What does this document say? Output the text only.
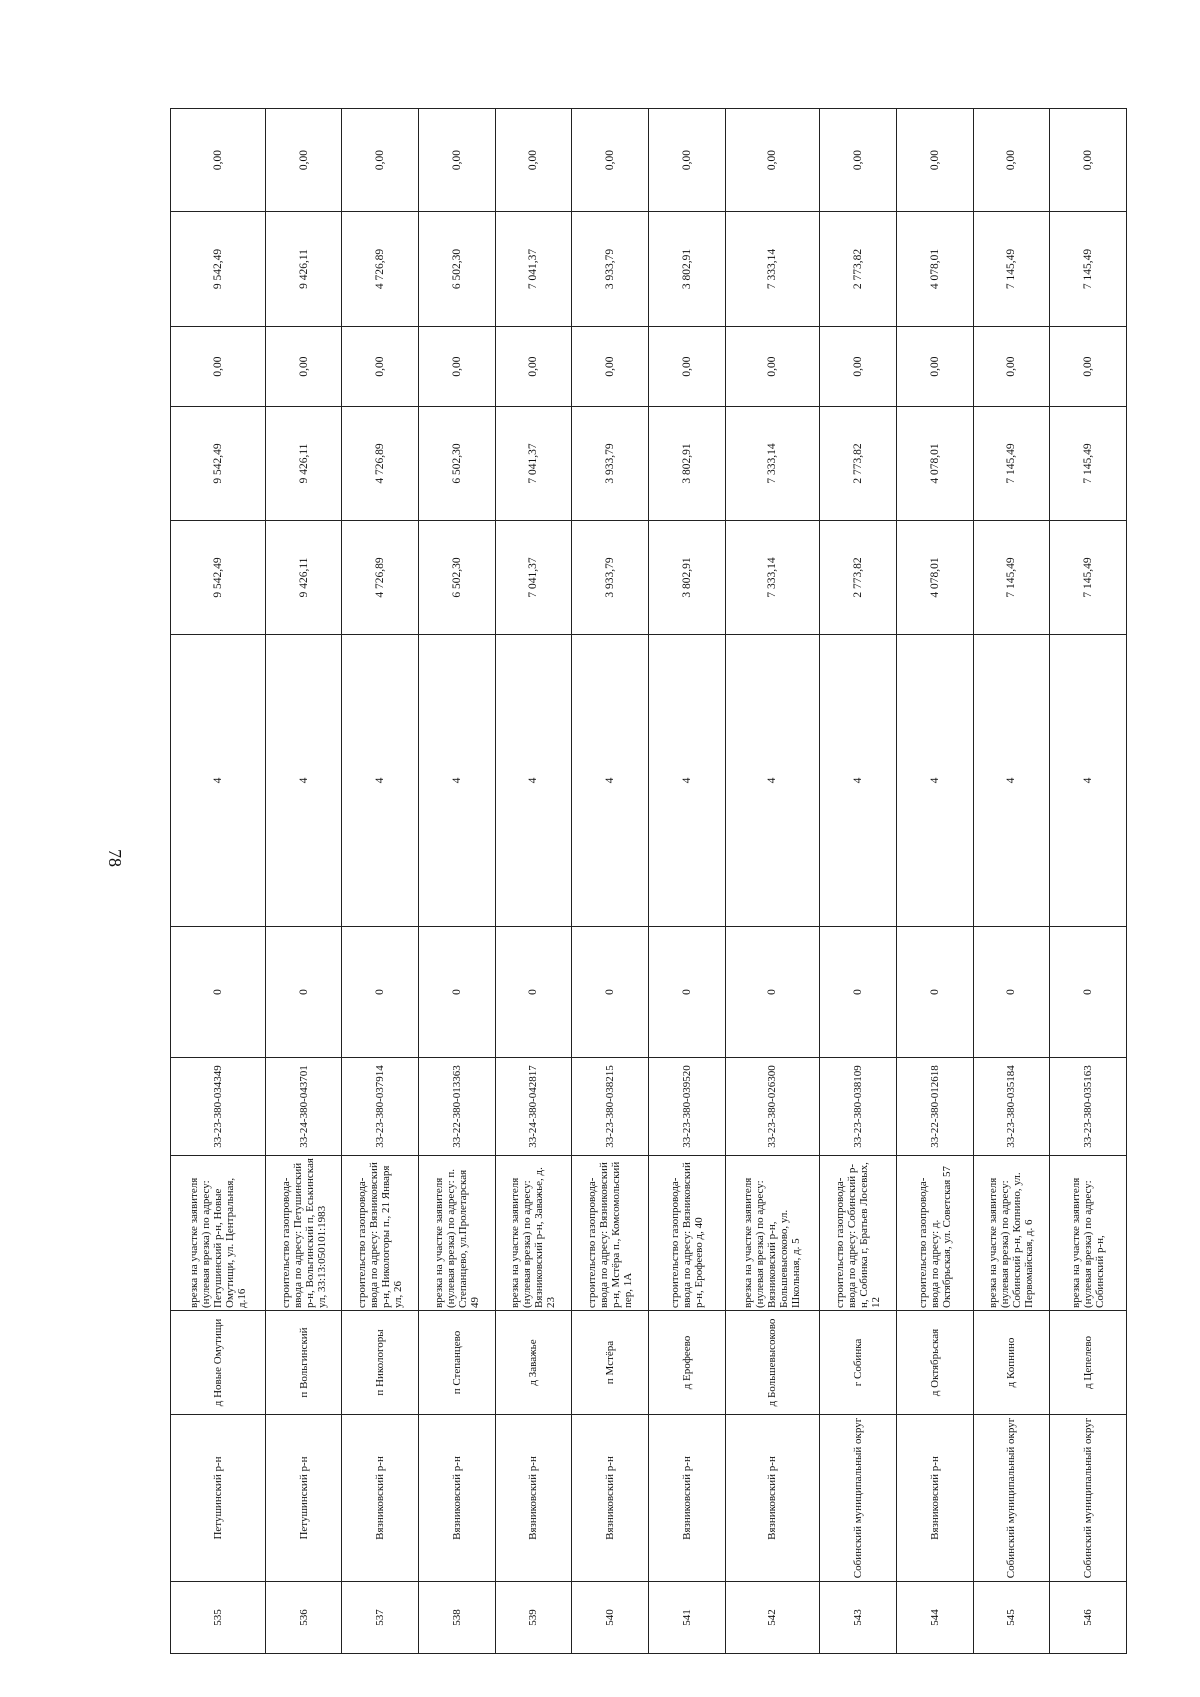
78
535	Петушинский р-н	д Новые Омутищи	врезка на участке заявителя (нулевая врезка) по адресу: Петушинский р-н, Новые Омутищи, ул. Центральная, д.16	33-23-380-034349	0	4	9 542,49	9 542,49	0,00	9 542,49	0,00	
536	Петушинский р-н	п Вольгинский	строительство газопровода-ввода по адресу: Петушинский р-н, Вольгинский п, Еськинская ул, 33:13:050101:1983	33-24-380-043701	0	4	9 426,11	9 426,11	0,00	9 426,11	0,00	
537	Вязниковский р-н	п Никологоры	строительство газопровода-ввода по адресу: Вязниковский р-н, Никологоры п., 21 Января ул, 26	33-23-380-037914	0	4	4 726,89	4 726,89	0,00	4 726,89	0,00	
538	Вязниковский р-н	п Степанцево	врезка на участке заявителя (нулевая врезка) по адресу: п. Степанцево, ул.Пролетарская 49	33-22-380-013363	0	4	6 502,30	6 502,30	0,00	6 502,30	0,00	
539	Вязниковский р-н	д Заважье	врезка на участке заявителя (нулевая врезка) по адресу: Вязниковский р-н, Заважье, д. 23	33-24-380-042817	0	4	7 041,37	7 041,37	0,00	7 041,37	0,00	
540	Вязниковский р-н	п Мстёра	строительство газопровода-ввода по адресу: Вязниковский р-н, Мстёра п., Комсомольский пер, 1А	33-23-380-038215	0	4	3 933,79	3 933,79	0,00	3 933,79	0,00	
541	Вязниковский р-н	д Ерофеево	строительство газопровода-ввода по адресу: Вязниковский р-н, Ерофеево д, 40	33-23-380-039520	0	4	3 802,91	3 802,91	0,00	3 802,91	0,00	
542	Вязниковский р-н	д Большевысоково	врезка на участке заявителя (нулевая врезка) по адресу: Вязниковский р-н, Большевысоково, ул. Школьная, д. 5	33-23-380-026300	0	4	7 333,14	7 333,14	0,00	7 333,14	0,00	
543	Собинский муниципальный округ	г Собинка	строительство газопровода-ввода по адресу: Собинский р-н, Собинка г, Братьев Лосевых, 12	33-23-380-038109	0	4	2 773,82	2 773,82	0,00	2 773,82	0,00	
544	Вязниковский р-н	д Октябрьская	строительство газопровода-ввода по адресу: д. Октябрьская, ул. Советская 57	33-22-380-012618	0	4	4 078,01	4 078,01	0,00	4 078,01	0,00	
545	Собинский муниципальный округ	д Копнино	врезка на участке заявителя (нулевая врезка) по адресу: Собинский р-н, Копнино, ул. Первомайская, д. 6	33-23-380-035184	0	4	7 145,49	7 145,49	0,00	7 145,49	0,00	
546	Собинский муниципальный округ	д Цепелево	врезка на участке заявителя (нулевая врезка) по адресу: Собинский р-н,	33-23-380-035163	0	4	7 145,49	7 145,49	0,00	7 145,49	0,00	
